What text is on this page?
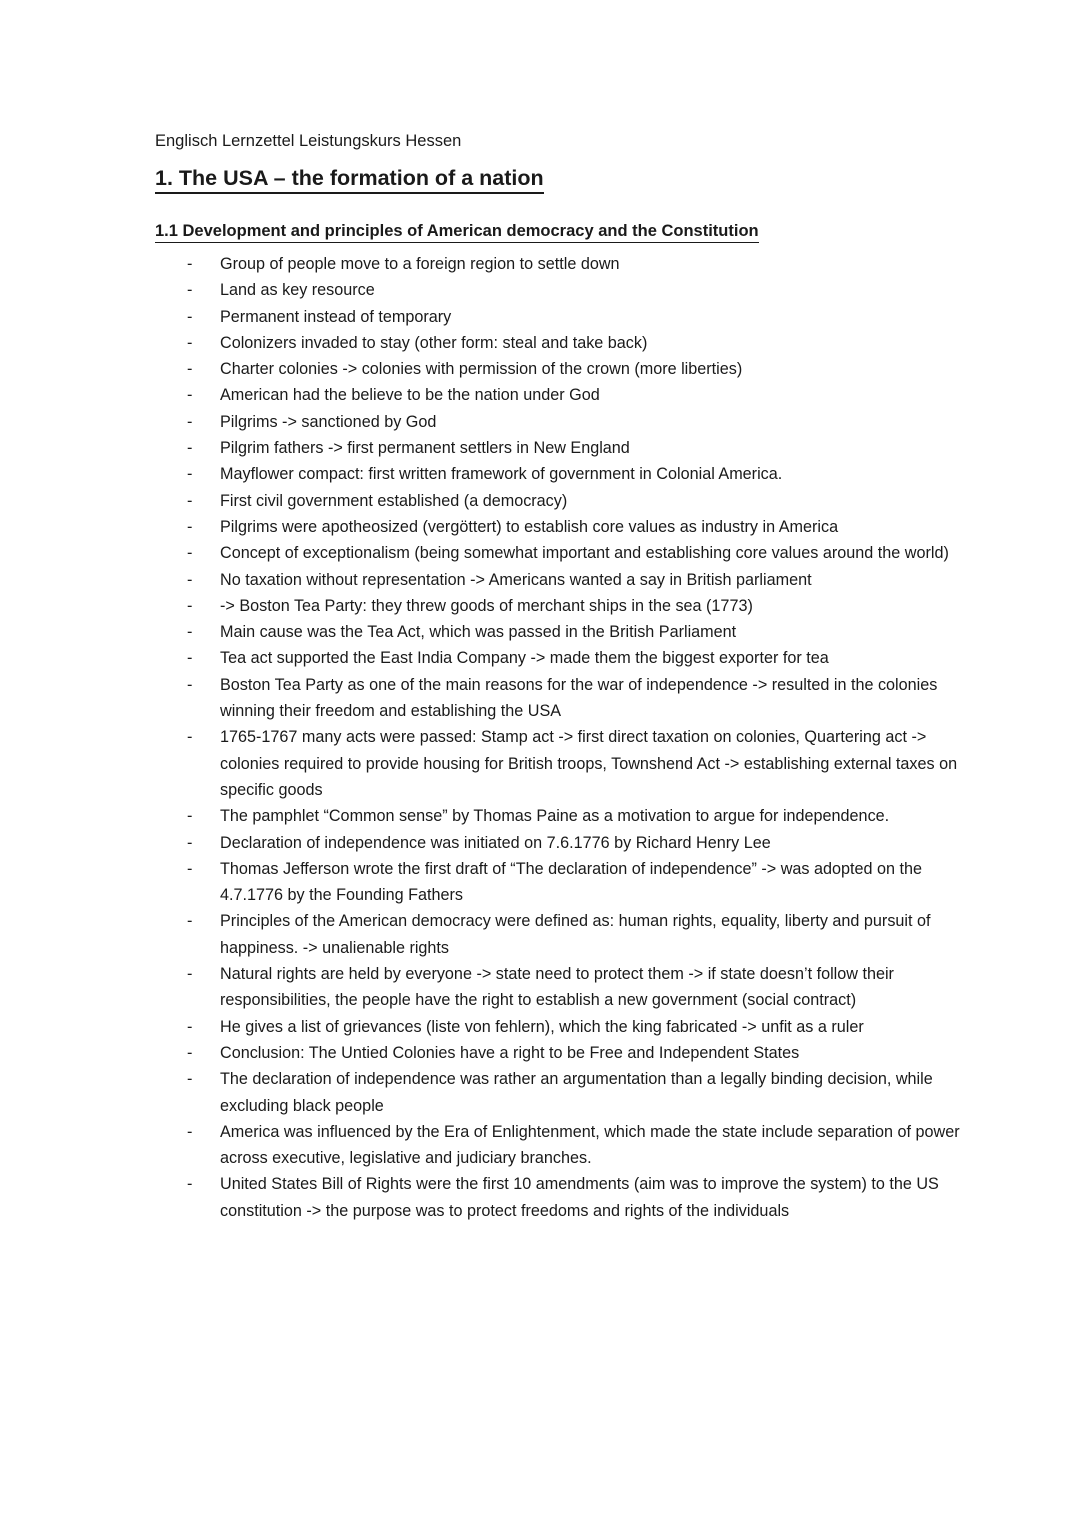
Englisch Lernzettel Leistungskurs Hessen
1. The USA – the formation of a nation
1.1 Development and principles of American democracy and the Constitution
- Group of people move to a foreign region to settle down
- Land as key resource
- Permanent instead of temporary
- Colonizers invaded to stay (other form: steal and take back)
- Charter colonies -> colonies with permission of the crown (more liberties)
- American had the believe to be the nation under God
- Pilgrims -> sanctioned by God
- Pilgrim fathers -> first permanent settlers in New England
- Mayflower compact: first written framework of government in Colonial America.
- First civil government established (a democracy)
- Pilgrims were apotheosized (vergöttert) to establish core values as industry in America
- Concept of exceptionalism (being somewhat important and establishing core values around the world)
- No taxation without representation -> Americans wanted a say in British parliament
- -> Boston Tea Party: they threw goods of merchant ships in the sea (1773)
- Main cause was the Tea Act, which was passed in the British Parliament
- Tea act supported the East India Company -> made them the biggest exporter for tea
- Boston Tea Party as one of the main reasons for the war of independence -> resulted in the colonies winning their freedom and establishing the USA
- 1765-1767 many acts were passed: Stamp act -> first direct taxation on colonies, Quartering act -> colonies required to provide housing for British troops, Townshend Act -> establishing external taxes on specific goods
- The pamphlet “Common sense” by Thomas Paine as a motivation to argue for independence.
- Declaration of independence was initiated on 7.6.1776 by Richard Henry Lee
- Thomas Jefferson wrote the first draft of “The declaration of independence” -> was adopted on the 4.7.1776 by the Founding Fathers
- Principles of the American democracy were defined as: human rights, equality, liberty and pursuit of happiness. -> unalienable rights
- Natural rights are held by everyone -> state need to protect them -> if state doesn’t follow their responsibilities, the people have the right to establish a new government (social contract)
- He gives a list of grievances (liste von fehlern), which the king fabricated -> unfit as a ruler
- Conclusion: The Untied Colonies have a right to be Free and Independent States
- The declaration of independence was rather an argumentation than a legally binding decision, while excluding black people
- America was influenced by the Era of Enlightenment, which made the state include separation of power across executive, legislative and judiciary branches.
- United States Bill of Rights were the first 10 amendments (aim was to improve the system) to the US constitution -> the purpose was to protect freedoms and rights of the individuals
